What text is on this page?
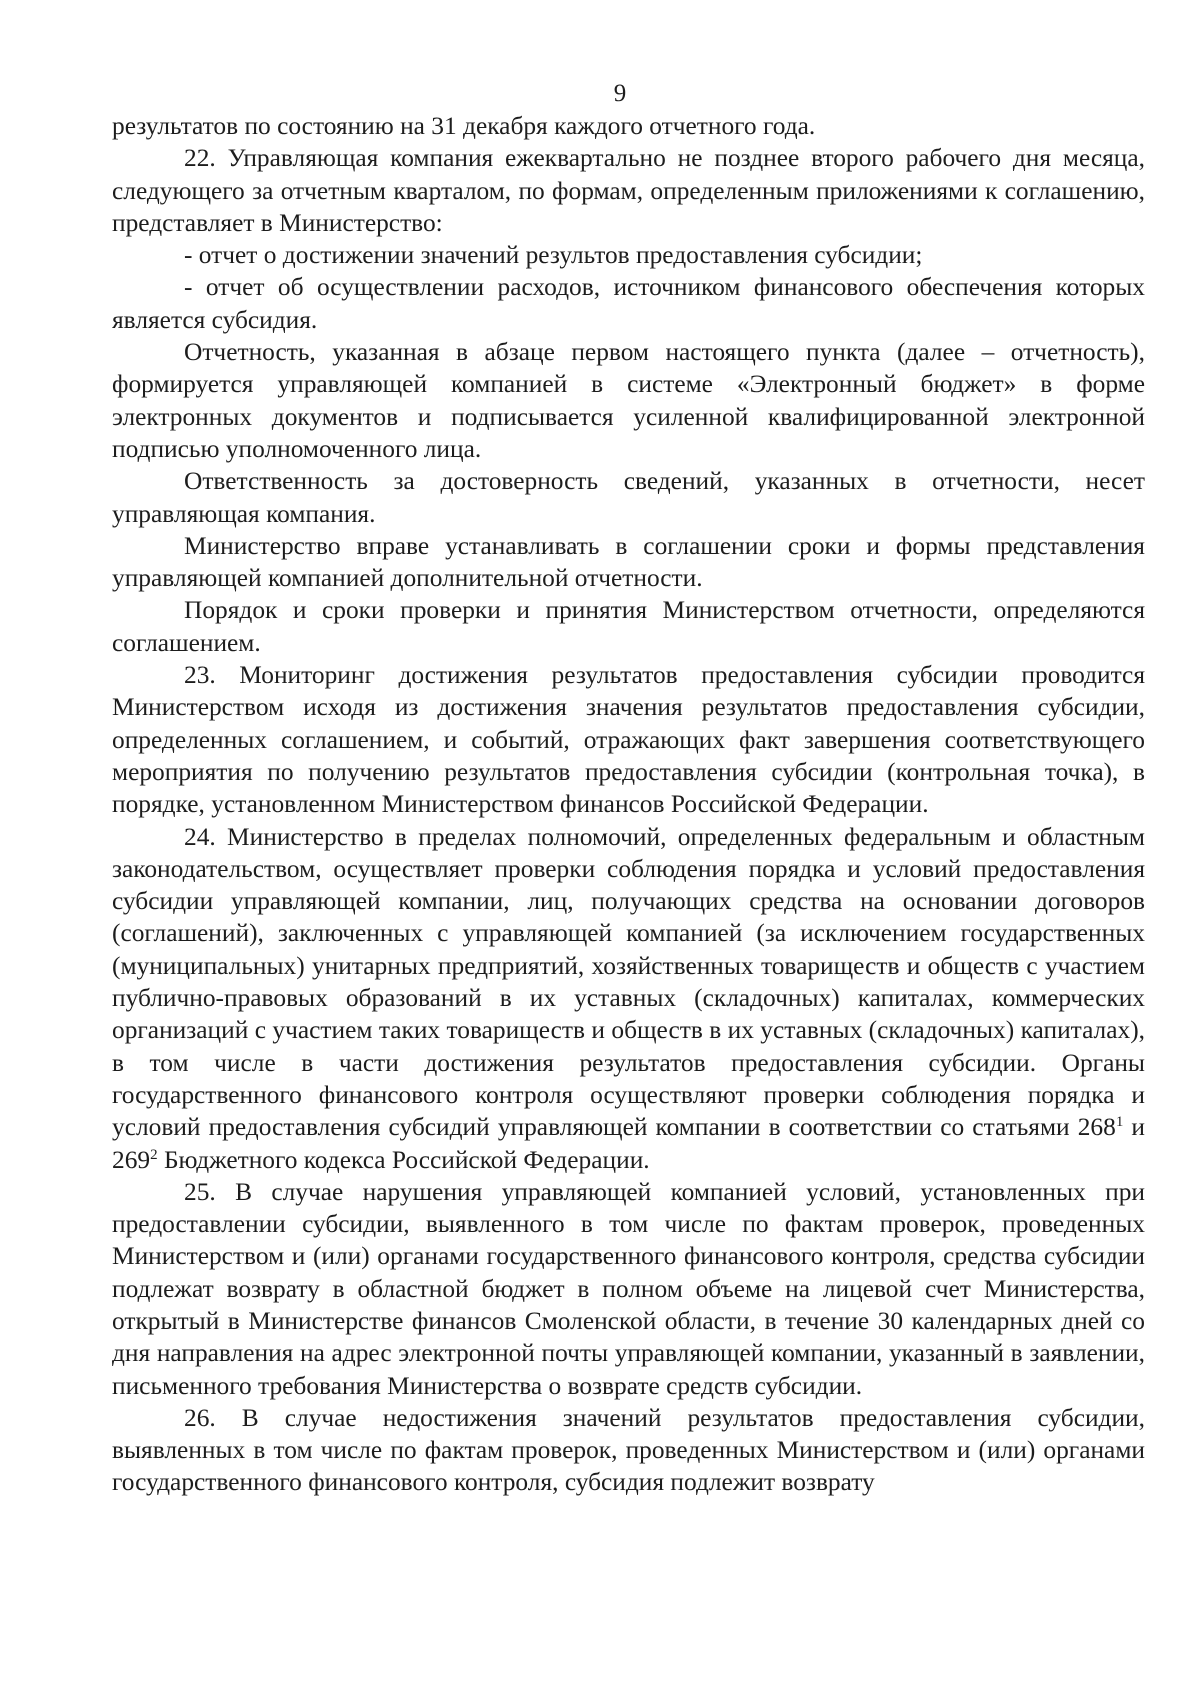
9

результатов по состоянию на 31 декабря каждого отчетного года.

22. Управляющая компания ежеквартально не позднее второго рабочего дня месяца, следующего за отчетным кварталом, по формам, определенным приложениями к соглашению, представляет в Министерство:

- отчет о достижении значений результов предоставления субсидии;

- отчет об осуществлении расходов, источником финансового обеспечения которых является субсидия.

Отчетность, указанная в абзаце первом настоящего пункта (далее – отчетность), формируется управляющей компанией в системе «Электронный бюджет» в форме электронных документов и подписывается усиленной квалифицированной электронной подписью уполномоченного лица.

Ответственность за достоверность сведений, указанных в отчетности, несет управляющая компания.

Министерство вправе устанавливать в соглашении сроки и формы представления управляющей компанией дополнительной отчетности.

Порядок и сроки проверки и принятия Министерством отчетности, определяются соглашением.

23. Мониторинг достижения результатов предоставления субсидии проводится Министерством исходя из достижения значения результатов предоставления субсидии, определенных соглашением, и событий, отражающих факт завершения соответствующего мероприятия по получению результатов предоставления субсидии (контрольная точка), в порядке, установленном Министерством финансов Российской Федерации.

24. Министерство в пределах полномочий, определенных федеральным и областным законодательством, осуществляет проверки соблюдения порядка и условий предоставления субсидии управляющей компании, лиц, получающих средства на основании договоров (соглашений), заключенных с управляющей компанией (за исключением государственных (муниципальных) унитарных предприятий, хозяйственных товариществ и обществ с участием публично-правовых образований в их уставных (складочных) капиталах, коммерческих организаций с участием таких товариществ и обществ в их уставных (складочных) капиталах), в том числе в части достижения результатов предоставления субсидии. Органы государственного финансового контроля осуществляют проверки соблюдения порядка и условий предоставления субсидий управляющей компании в соответствии со статьями $268^1$ и $269^2$ Бюджетного кодекса Российской Федерации.

25. В случае нарушения управляющей компанией условий, установленных при предоставлении субсидии, выявленного в том числе по фактам проверок, проведенных Министерством и (или) органами государственного финансового контроля, средства субсидии подлежат возврату в областной бюджет в полном объеме на лицевой счет Министерства, открытый в Министерстве финансов Смоленской области, в течение 30 календарных дней со дня направления на адрес электронной почты управляющей компании, указанный в заявлении, письменного требования Министерства о возврате средств субсидии.

26. В случае недостижения значений результатов предоставления субсидии, выявленных в том числе по фактам проверок, проведенных Министерством и (или) органами государственного финансового контроля, субсидия подлежит возврату
